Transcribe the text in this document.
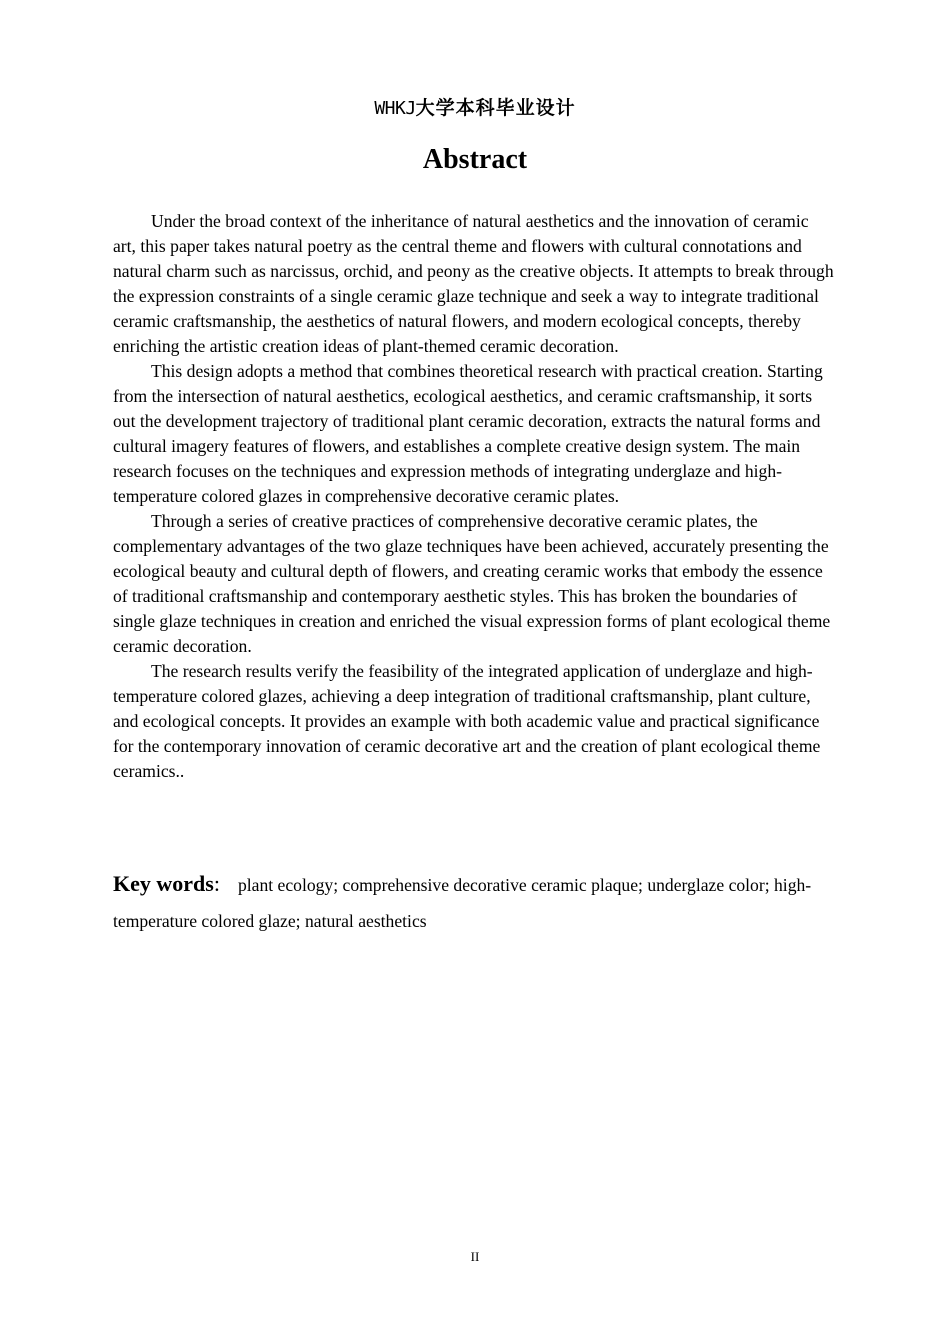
WHKJ大学本科毕业设计
Abstract

Under the broad context of the inheritance of natural aesthetics and the innovation of ceramic art, this paper takes natural poetry as the central theme and flowers with cultural connotations and natural charm such as narcissus, orchid, and peony as the creative objects. It attempts to break through the expression constraints of a single ceramic glaze technique and seek a way to integrate traditional ceramic craftsmanship, the aesthetics of natural flowers, and modern ecological concepts, thereby enriching the artistic creation ideas of plant-themed ceramic decoration.

This design adopts a method that combines theoretical research with practical creation. Starting from the intersection of natural aesthetics, ecological aesthetics, and ceramic craftsmanship, it sorts out the development trajectory of traditional plant ceramic decoration, extracts the natural forms and cultural imagery features of flowers, and establishes a complete creative design system. The main research focuses on the techniques and expression methods of integrating underglaze and high-temperature colored glazes in comprehensive decorative ceramic plates.

Through a series of creative practices of comprehensive decorative ceramic plates, the complementary advantages of the two glaze techniques have been achieved, accurately presenting the ecological beauty and cultural depth of flowers, and creating ceramic works that embody the essence of traditional craftsmanship and contemporary aesthetic styles. This has broken the boundaries of single glaze techniques in creation and enriched the visual expression forms of plant ecological theme ceramic decoration.

The research results verify the feasibility of the integrated application of underglaze and high-temperature colored glazes, achieving a deep integration of traditional craftsmanship, plant culture, and ecological concepts. It provides an example with both academic value and practical significance for the contemporary innovation of ceramic decorative art and the creation of plant ecological theme ceramics..

Key words: plant ecology; comprehensive decorative ceramic plaque; underglaze color; high-temperature colored glaze; natural aesthetics
II
